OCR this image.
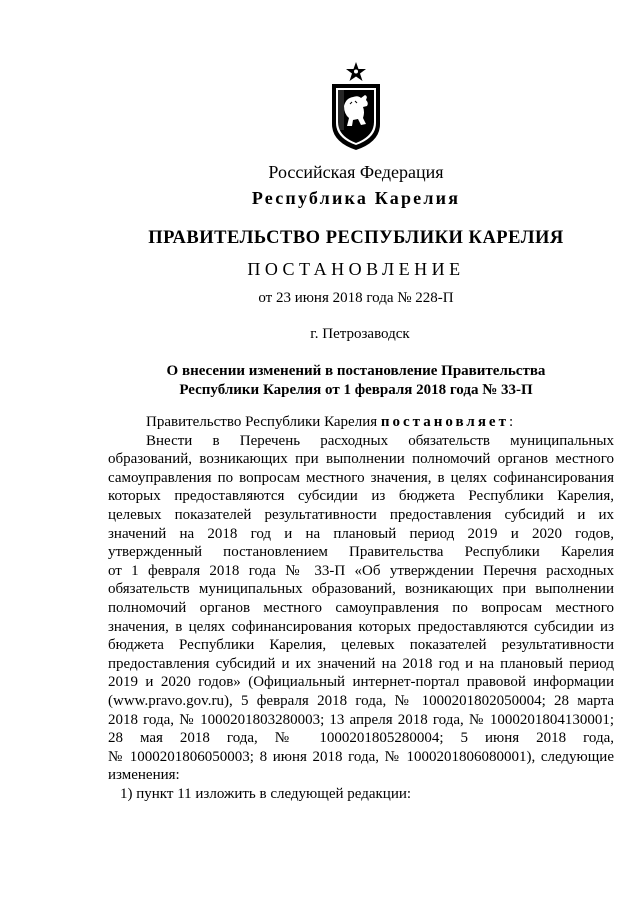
Российская Федерация
Республика Карелия
ПРАВИТЕЛЬСТВО РЕСПУБЛИКИ КАРЕЛИЯ
ПОСТАНОВЛЕНИЕ
от 23 июня 2018 года № 228-П
г. Петрозаводск
О внесении изменений в постановление Правительства
Республики Карелия от 1 февраля 2018 года № 33-П
Правительство Республики Карелия постановляет:
Внести в Перечень расходных обязательств муниципальных
образований, возникающих при выполнении полномочий органов местного
самоуправления по вопросам местного значения, в целях софинансирования
которых предоставляются субсидии из бюджета Республики Карелия,
целевых показателей результативности предоставления субсидий и их
значений на 2018 год и на плановый период 2019 и 2020 годов,
утвержденный постановлением Правительства Республики Карелия
от 1 февраля 2018 года № 33-П «Об утверждении Перечня расходных
обязательств муниципальных образований, возникающих при выполнении
полномочий органов местного самоуправления по вопросам местного
значения, в целях софинансирования которых предоставляются субсидии из
бюджета Республики Карелия, целевых показателей результативности
предоставления субсидий и их значений на 2018 год и на плановый период
2019 и 2020 годов» (Официальный интернет-портал правовой информации
(www.pravo.gov.ru), 5 февраля 2018 года, № 1000201802050004; 28 марта
2018 года, № 1000201803280003; 13 апреля 2018 года, № 1000201804130001;
28 мая 2018 года, № 1000201805280004; 5 июня 2018 года,
№ 1000201806050003; 8 июня 2018 года, № 1000201806080001), следующие
изменения:
1) пункт 11 изложить в следующей редакции:
